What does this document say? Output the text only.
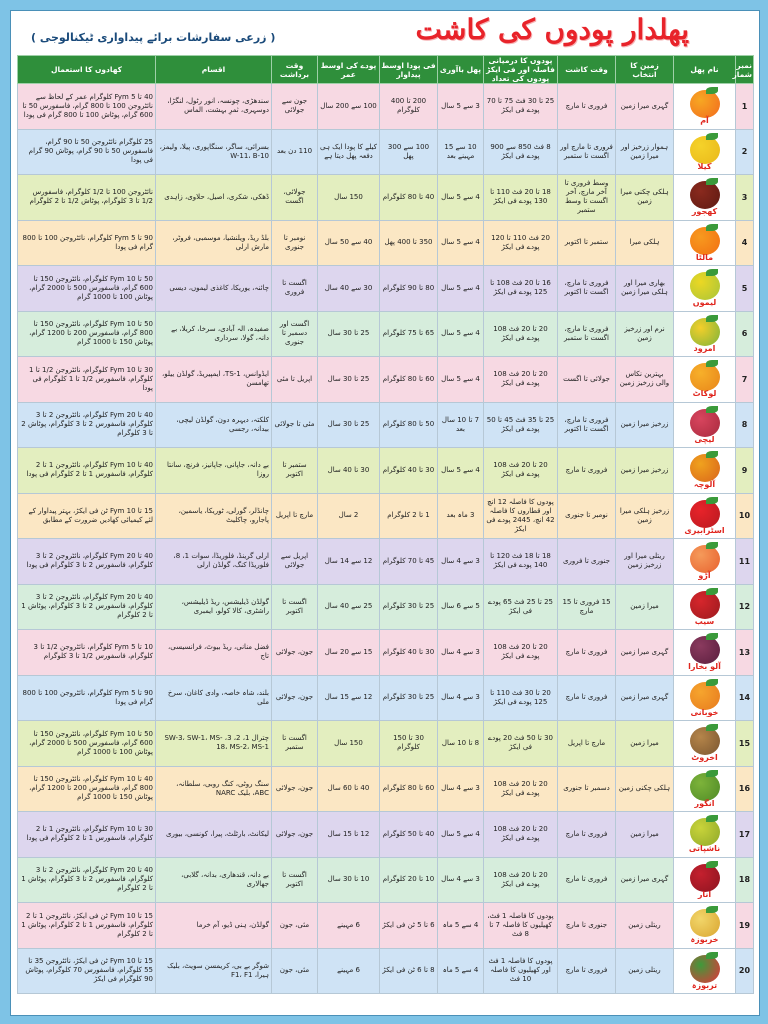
پھلدار پودوں کی کاشت
( زرعی سفارشات برائے پیداواری ٹیکنالوجی )
نمبر شمار	نام پھل	زمین کا انتخاب	وقت کاشت	پودوں کا درمیانی فاصلہ اور فی ایکڑ پودوں کی تعداد	پھل باآوری	فی پودا اوسط پیداوار	پودے کی اوسط عمر	وقت برداشت	اقسام	کھادوں کا استعمال
1	آم	گہری میرا زمین	فروری تا مارچ	25 تا 30 فٹ 75 تا 70 پودے فی ایکڑ	3 سے 5 سال	200 تا 400 کلوگرام	100 سے 200 سال	جون سے جولائی	سندھڑی، چونسہ، انور رٹول، لنگڑا، دوسہری، ثمرِ بہشت، الماس	40 تا 5 Fym کلوگرام عمر کے لحاظ سے نائٹروجن 100 تا 800 گرام، فاسفورس 50 تا 600 گرام، پوٹاش 100 تا 800 گرام فی پودا
2	کیلا	ہموار زرخیز اور میرا زمین	فروری تا مارچ اور اگست تا ستمبر	8 فٹ 850 سے 900 پودے فی ایکڑ	10 سے 15 مہینے بعد	100 سے 300 پھل	کیلے کا پودا ایک ہی دفعہ پھل دیتا ہے	110 دن بعد	بسرائی، ساگر، سنگاپوری، پیلا، ولیمز، W-11، B-10	25 کلوگرام نائٹروجن 50 تا 90 گرام، فاسفورس 50 تا 90 گرام، پوٹاش 90 گرام فی پودا
3	کھجور	ہلکی چکنی میرا زمین	وسط فروری تا آخر مارچ، آخر اگست تا وسط ستمبر	18 تا 20 فٹ 110 تا 130 پودے فی ایکڑ	4 سے 5 سال	40 تا 80 کلوگرام	150 سال	جولائی، اگست	ڈھکی، شکری، اصیل، حلاوی، زاہدی	نائٹروجن 100 تا 1/2 کلوگرام، فاسفورس 1/2 تا 3 کلوگرام، پوٹاش 1/2 تا 2 کلوگرام
4	مالٹا	ہلکی میرا	ستمبر تا اکتوبر	20 فٹ 110 تا 120 پودے فی ایکڑ	4 سے 5 سال	350 تا 400 پھل	40 سے 50 سال	نومبر تا جنوری	بلڈ ریڈ، ویلنشیا، موسمبی، فروٹر، مارش ارلی	90 تا 5 Fym کلوگرام، نائٹروجن 100 تا 800 گرام فی پودا
5	لیموں	بھاری میرا اور ہلکی میرا زمین	فروری تا مارچ، اگست تا اکتوبر	16 تا 20 فٹ 108 تا 125 پودے فی ایکڑ	4 سے 5 سال	80 تا 90 کلوگرام	30 سے 40 سال	اگست تا فروری	چائنہ، یوریکا، کاغذی لیموں، دیسی	50 تا 10 Fym کلوگرام، نائٹروجن 150 تا 600 گرام، فاسفورس 500 تا 2000 گرام، پوٹاش 100 تا 1000 گرام
6	امرود	نرم اور زرخیز زمین	فروری تا مارچ، اگست تا ستمبر	20 تا 20 فٹ 108 پودے فی ایکڑ	4 سے 5 سال	65 تا 75 کلوگرام	25 تا 30 سال	اگست اور دسمبر تا جنوری	صفیدہ، الہ آبادی، سرخا، کریلا، بے دانہ، گولا، سرداری	50 تا 10 Fym کلوگرام، نائٹروجن 150 تا 800 گرام، فاسفورس 200 تا 1200 گرام، پوٹاش 150 تا 1000 گرام
7	لوکاٹ	بہترین نکاس والی زرخیز زمین	جولائی تا اگست	20 تا 20 فٹ 108 پودے فی ایکڑ	4 سے 5 سال	60 تا 80 کلوگرام	25 تا 30 سال	اپریل تا مئی	ایڈوانس، TS-1، ایمپیریڈ، گولڈن ییلو، تھامسن	30 تا 10 Fym کلوگرام، نائٹروجن 1/2 تا 1 کلوگرام، فاسفورس 1/2 تا 1 کلوگرام فی پودا
8	لیچی	زرخیز میرا زمین	فروری تا مارچ، اگست تا اکتوبر	25 تا 35 فٹ 45 تا 50 پودے فی ایکڑ	7 تا 10 سال بعد	50 تا 80 کلوگرام	25 تا 30 سال	مئی تا جولائی	کلکتہ، دیہرہ دون، گولڈن لیچی، بیدانہ، رجسی	40 تا 20 Fym کلوگرام، نائٹروجن 2 تا 3 کلوگرام، فاسفورس 2 تا 3 کلوگرام، پوٹاش 2 تا 3 کلوگرام
9	آلوچہ	زرخیز میرا زمین	فروری تا مارچ	20 تا 20 فٹ 108 پودے فی ایکڑ	4 سے 5 سال	30 تا 40 کلوگرام	30 تا 40 سال	ستمبر تا اکتوبر	بے دانہ، جاپانی، جاپانیز، فرنچ، سانتا روزا	40 تا 10 Fym کلوگرام، نائٹروجن 1 تا 2 کلوگرام، فاسفورس 1 تا 2 کلوگرام فی پودا
10	اسٹرابیری	زرخیز ہلکی میرا زمین	نومبر تا جنوری	پودوں کا فاصلہ 12 انچ اور قطاروں کا فاصلہ 42 انچ، 2445 پودے فی ایکڑ	3 ماہ بعد	1 تا 2 کلوگرام	2 سال	مارچ تا اپریل	چانڈلر، گورلی، ٹوریکا، یاسمین، پاجارو، چاکلیٹ	15 تا 10 Fym ٹن فی ایکڑ، بہتر پیداوار کے لئے کیمیائی کھادیں ضرورت کے مطابق
11	آڑو	ریتلی میرا اور زرخیز زمین	جنوری تا فروری	18 تا 18 فٹ 120 تا 140 پودے فی ایکڑ	3 سے 4 سال	45 تا 70 کلوگرام	12 سے 14 سال	اپریل سے جولائی	ارلی گرینڈ، فلوریڈا، سوات 1، 8، فلوریڈا کنگ، گولڈن ارلی	40 تا 20 Fym کلوگرام، نائٹروجن 2 تا 3 کلوگرام، فاسفورس 2 تا 3 کلوگرام فی پودا
12	سیب	میرا زمین	15 فروری تا 15 مارچ	25 تا 25 فٹ 65 پودے فی ایکڑ	5 سے 6 سال	25 تا 30 کلوگرام	25 سے 40 سال	اگست تا اکتوبر	گولڈن ڈیلیشس، ریڈ ڈیلیشس، راشٹری، کالا کولو، ایمبری	40 تا 20 Fym کلوگرام، نائٹروجن 2 تا 3 کلوگرام، فاسفورس 2 تا 3 کلوگرام، پوٹاش 1 تا 2 کلوگرام
13	آلو بخارا	گہری میرا زمین	فروری تا مارچ	20 تا 20 فٹ 108 پودے فی ایکڑ	3 سے 4 سال	30 تا 40 کلوگرام	15 سے 20 سال	جون، جولائی	فضل منانی، ریڈ بیوٹ، فرانسیسی، تاج	10 تا 5 Fym کلوگرام، نائٹروجن 1/2 تا 3 کلوگرام، فاسفورس 1/2 تا 3 کلوگرام
14	خوبانی	گہری میرا زمین	فروری تا مارچ	20 تا 30 فٹ 110 تا 125 پودے فی ایکڑ	3 سے 4 سال	25 تا 30 کلوگرام	12 سے 15 سال	جون، جولائی	بلند، شاہ خاصہ، وادی کاغان، سرخ ملی	90 تا 5 Fym کلوگرام، نائٹروجن 100 تا 800 گرام فی پودا
15	اخروٹ	میرا زمین	مارچ تا اپریل	30 تا 50 فٹ 20 پودے فی ایکڑ	8 تا 10 سال	30 تا 150 کلوگرام	150 سال	اگست تا ستمبر	چترال 1، 2، 3، SW-3، SW-1، MS-18، MS-2، MS-1	50 تا 10 Fym کلوگرام، نائٹروجن 150 تا 600 گرام، فاسفورس 500 تا 2000 گرام، پوٹاش 100 تا 1000 گرام
16	انگور	ہلکی چکنی زمین	دسمبر تا جنوری	20 تا 20 فٹ 108 پودے فی ایکڑ	3 سے 4 سال	60 تا 80 کلوگرام	40 تا 60 سال	جون، جولائی	سنگ روٹی، کنگ روبی، سلطانہ، ABC، بلیک NARC	40 تا 10 Fym کلوگرام، نائٹروجن 150 تا 800 گرام، فاسفورس 200 تا 1200 گرام، پوٹاش 150 تا 1000 گرام
17	ناشپاتی	میرا زمین	فروری تا مارچ	20 تا 20 فٹ 108 پودے فی ایکڑ	4 سے 5 سال	40 تا 50 کلوگرام	12 تا 15 سال	جون، جولائی	لیکانٹ، بارٹلٹ، پیرا، کونسی، بیوری	30 تا 10 Fym کلوگرام، نائٹروجن 1 تا 2 کلوگرام، فاسفورس 1 تا 2 کلوگرام فی پودا
18	انار	گہری میرا زمین	فروری تا مارچ	20 تا 20 فٹ 108 پودے فی ایکڑ	3 سے 4 سال	10 تا 20 کلوگرام	10 تا 30 سال	اگست تا اکتوبر	بے دانہ، قندھاری، بدانہ، گلابی، جھالاری	40 تا 20 Fym کلوگرام، نائٹروجن 2 تا 3 کلوگرام، فاسفورس 2 تا 3 کلوگرام، پوٹاش 1 تا 2 کلوگرام
19	خربوزہ	ریتلی زمین	جنوری تا مارچ	پودوں کا فاصلہ 1 فٹ، کھیلیوں کا فاصلہ 7 تا 8 فٹ	4 سے 5 ماہ	6 تا 5 ٹن فی ایکڑ	6 مہینے	مئی، جون	گولڈن، ہنی ڈیو، آم خرما	15 تا 10 Fym ٹن فی ایکڑ، نائٹروجن 1 تا 2 کلوگرام، فاسفورس 1 تا 2 کلوگرام، پوٹاش 1 تا 2 کلوگرام
20	تربوزہ	ریتلی زمین	فروری تا مارچ	پودوں کا فاصلہ 1 فٹ اور کھیلیوں کا فاصلہ 10 فٹ	4 سے 5 ماہ	8 تا 6 ٹن فی ایکڑ	6 مہینے	مئی، جون	شوگر بے بی، کریمسن سویٹ، بلیک ہیرا، F1، F1	15 تا 10 Fym ٹن فی ایکڑ، نائٹروجن 35 تا 55 کلوگرام، فاسفورس 70 کلوگرام، پوٹاش 90 کلوگرام فی ایکڑ
